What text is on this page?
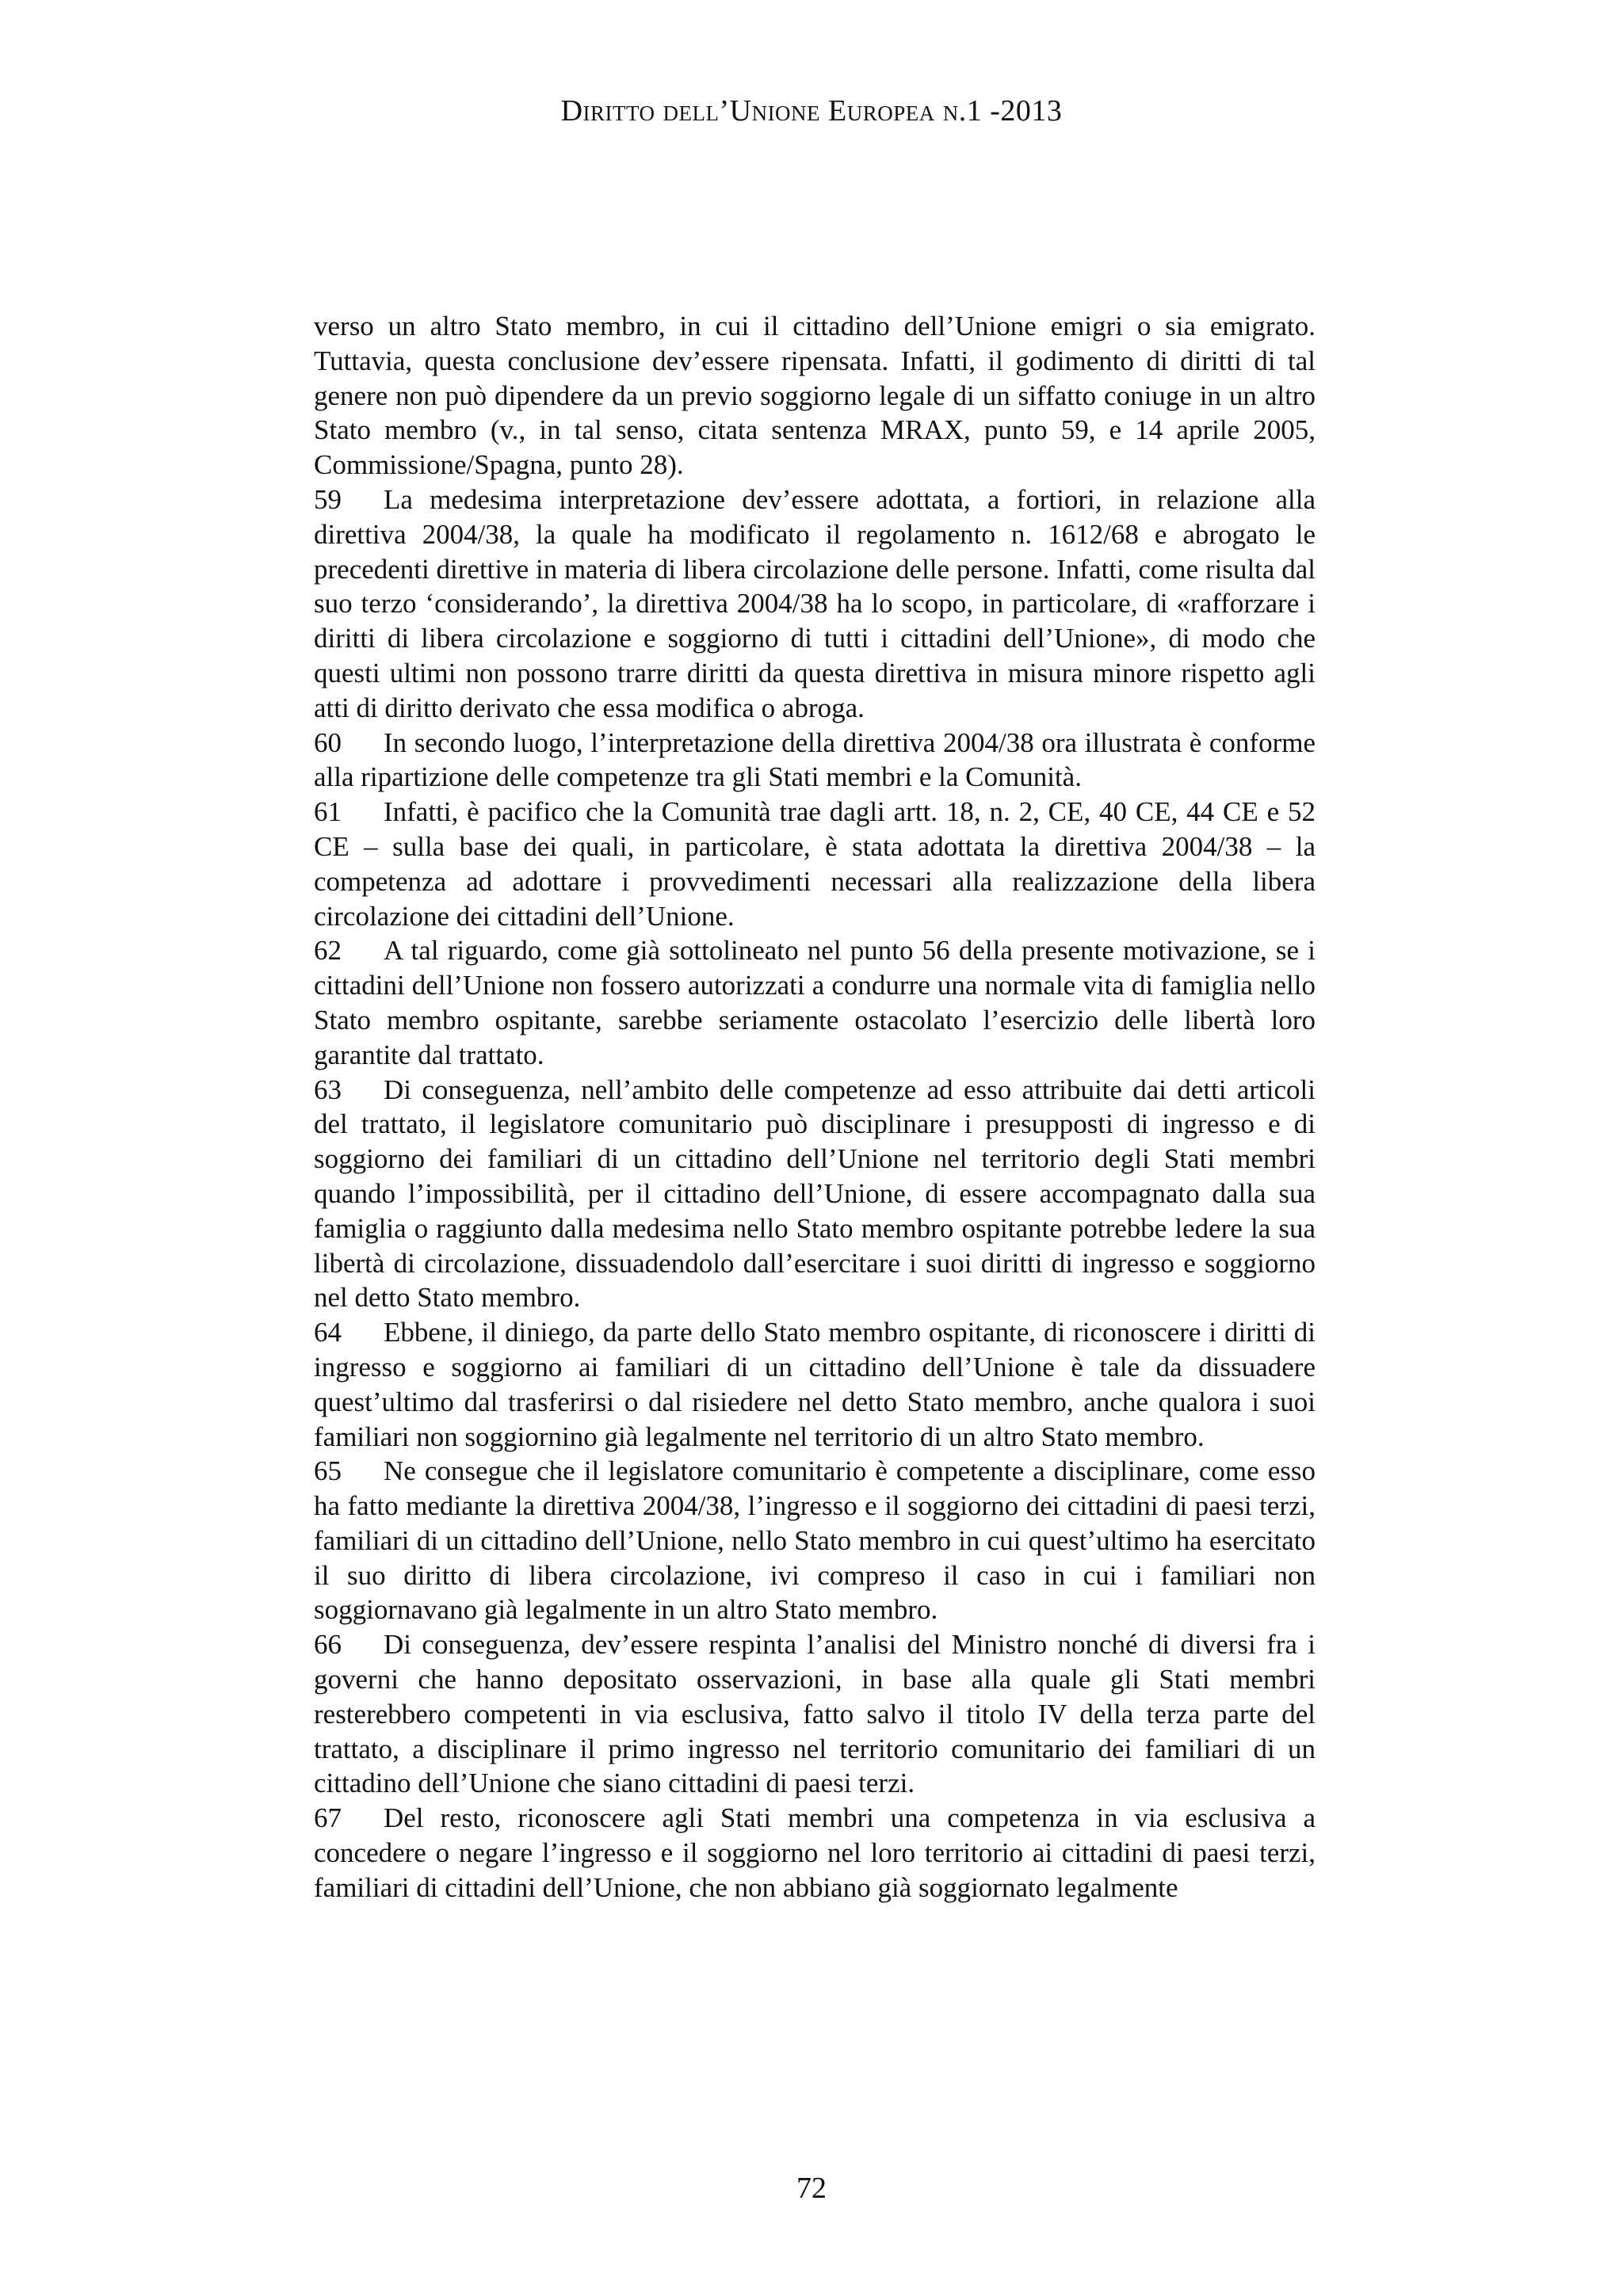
Diritto dell’Unione Europea n.1 -2013

verso un altro Stato membro, in cui il cittadino dell’Unione emigri o sia emigrato. Tuttavia, questa conclusione dev’essere ripensata. Infatti, il godimento di diritti di tal genere non può dipendere da un previo soggiorno legale di un siffatto coniuge in un altro Stato membro (v., in tal senso, citata sentenza MRAX, punto 59, e 14 aprile 2005, Commissione/Spagna, punto 28).

59 La medesima interpretazione dev’essere adottata, a fortiori, in relazione alla direttiva 2004/38, la quale ha modificato il regolamento n. 1612/68 e abrogato le precedenti direttive in materia di libera circolazione delle persone. Infatti, come risulta dal suo terzo ‘considerando’, la direttiva 2004/38 ha lo scopo, in particolare, di «rafforzare i diritti di libera circolazione e soggiorno di tutti i cittadini dell’Unione», di modo che questi ultimi non possono trarre diritti da questa direttiva in misura minore rispetto agli atti di diritto derivato che essa modifica o abroga.

60 In secondo luogo, l’interpretazione della direttiva 2004/38 ora illustrata è conforme alla ripartizione delle competenze tra gli Stati membri e la Comunità.

61 Infatti, è pacifico che la Comunità trae dagli artt. 18, n. 2, CE, 40 CE, 44 CE e 52 CE – sulla base dei quali, in particolare, è stata adottata la direttiva 2004/38 – la competenza ad adottare i provvedimenti necessari alla realizzazione della libera circolazione dei cittadini dell’Unione.

62 A tal riguardo, come già sottolineato nel punto 56 della presente motivazione, se i cittadini dell’Unione non fossero autorizzati a condurre una normale vita di famiglia nello Stato membro ospitante, sarebbe seriamente ostacolato l’esercizio delle libertà loro garantite dal trattato.

63 Di conseguenza, nell’ambito delle competenze ad esso attribuite dai detti articoli del trattato, il legislatore comunitario può disciplinare i presupposti di ingresso e di soggiorno dei familiari di un cittadino dell’Unione nel territorio degli Stati membri quando l’impossibilità, per il cittadino dell’Unione, di essere accompagnato dalla sua famiglia o raggiunto dalla medesima nello Stato membro ospitante potrebbe ledere la sua libertà di circolazione, dissuadendolo dall’esercitare i suoi diritti di ingresso e soggiorno nel detto Stato membro.

64 Ebbene, il diniego, da parte dello Stato membro ospitante, di riconoscere i diritti di ingresso e soggiorno ai familiari di un cittadino dell’Unione è tale da dissuadere quest’ultimo dal trasferirsi o dal risiedere nel detto Stato membro, anche qualora i suoi familiari non soggiornino già legalmente nel territorio di un altro Stato membro.

65 Ne consegue che il legislatore comunitario è competente a disciplinare, come esso ha fatto mediante la direttiva 2004/38, l’ingresso e il soggiorno dei cittadini di paesi terzi, familiari di un cittadino dell’Unione, nello Stato membro in cui quest’ultimo ha esercitato il suo diritto di libera circolazione, ivi compreso il caso in cui i familiari non soggiornavano già legalmente in un altro Stato membro.

66 Di conseguenza, dev’essere respinta l’analisi del Ministro nonché di diversi fra i governi che hanno depositato osservazioni, in base alla quale gli Stati membri resterebbero competenti in via esclusiva, fatto salvo il titolo IV della terza parte del trattato, a disciplinare il primo ingresso nel territorio comunitario dei familiari di un cittadino dell’Unione che siano cittadini di paesi terzi.

67 Del resto, riconoscere agli Stati membri una competenza in via esclusiva a concedere o negare l’ingresso e il soggiorno nel loro territorio ai cittadini di paesi terzi, familiari di cittadini dell’Unione, che non abbiano già soggiornato legalmente

72
